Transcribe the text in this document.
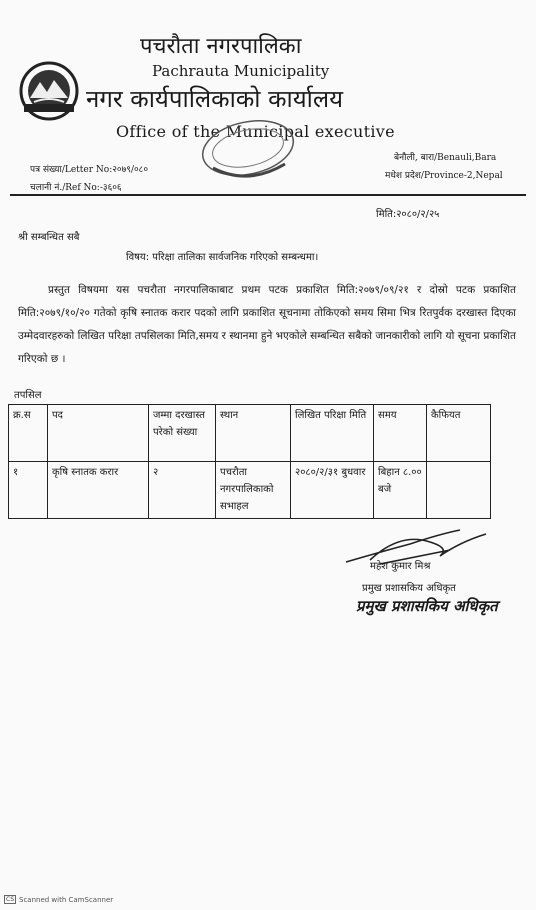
पचरौता नगरपालिका
Pachrauta Municipality
नगर कार्यपालिकाको कार्यालय
Office of the Municipal executive
पत्र संख्या/Letter No:२०७९/०८०
चलानी नं./Ref No:-३६०६
बेनौली, बारा/Benauli,Bara
मधेश प्रदेश/Province-2,Nepal
मिति:२०८०/२/२५
श्री सम्बन्धित सबै
विषय: परिक्षा तालिका सार्वजनिक गरिएको सम्बन्धमा।
प्रस्तुत विषयमा यस पचरौता नगरपालिकाबाट प्रथम पटक प्रकाशित मिति:२०७९/०९/२१ र दोस्रो पटक प्रकाशित मिति:२०७९/१०/२० गतेको कृषि स्नातक करार पदको लागि प्रकाशित सूचनामा तोकिएको समय सिमा भित्र रितपुर्वक दरखास्त दिएका उम्मेदवारहरुको लिखित परिक्षा तपसिलका मिति,समय र स्थानमा हुने भएकोले सम्बन्धित सबैको जानकारीको लागि यो सूचना प्रकाशित गरिएको छ ।
तपसिल
क्र.स	पद	जम्मा दरखास्त परेको संख्या	स्थान	लिखित परिक्षा मिति	समय	कैफियत
१	कृषि स्नातक करार	२	पचरौता नगरपालिकाको सभाहल	२०८०/२/३१ बुधवार	बिहान ८.०० बजे	
महेश कुमार मिश्र
प्रमुख प्रशासकिय अधिकृत
प्रमुख प्रशासकिय अधिकृत
CS Scanned with CamScanner
